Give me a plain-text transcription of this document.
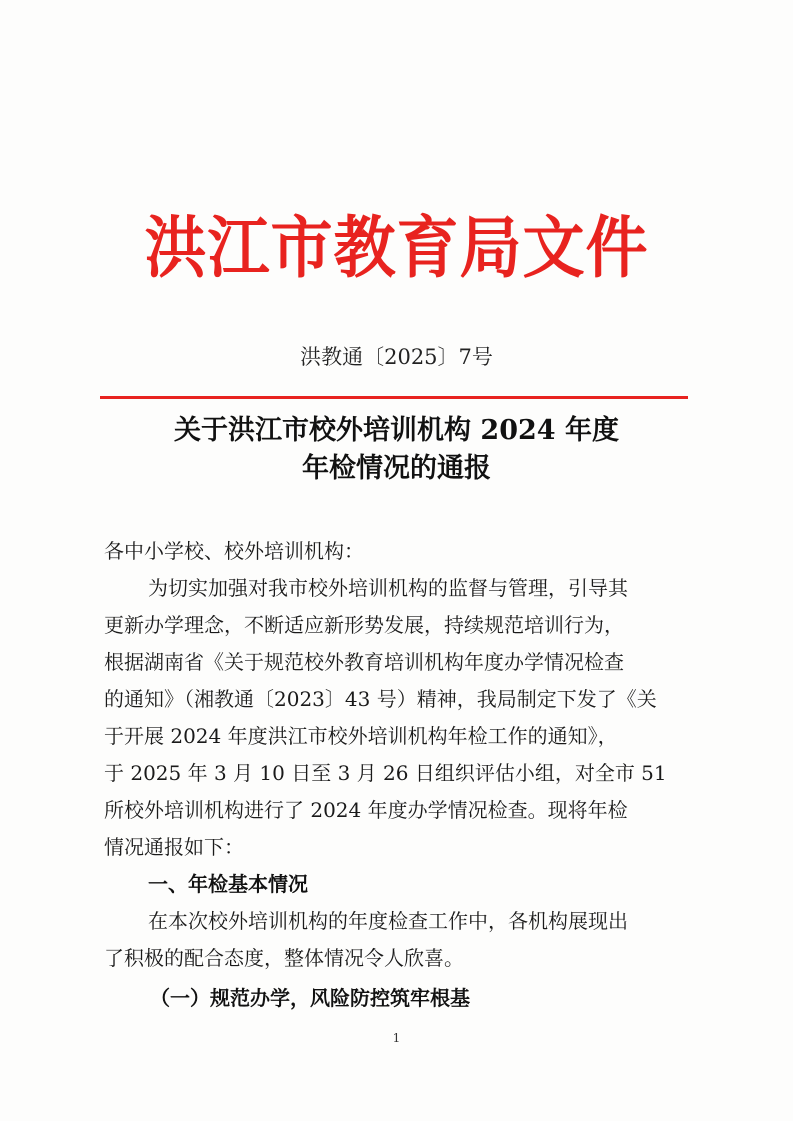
洪江市教育局文件
洪教通〔2025〕7号
关于洪江市校外培训机构 2024 年度
年检情况的通报
各中小学校、校外培训机构：
为切实加强对我市校外培训机构的监督与管理，引导其
更新办学理念，不断适应新形势发展，持续规范培训行为，
根据湖南省《关于规范校外教育培训机构年度办学情况检查
的通知》（湘教通〔2023〕43 号）精神，我局制定下发了《关
于开展 2024 年度洪江市校外培训机构年检工作的通知》，
于 2025 年 3 月 10 日至 3 月 26 日组织评估小组，对全市 51
所校外培训机构进行了 2024 年度办学情况检查。现将年检
情况通报如下：
一、年检基本情况
在本次校外培训机构的年度检查工作中，各机构展现出
了积极的配合态度，整体情况令人欣喜。
（一）规范办学，风险防控筑牢根基
1
